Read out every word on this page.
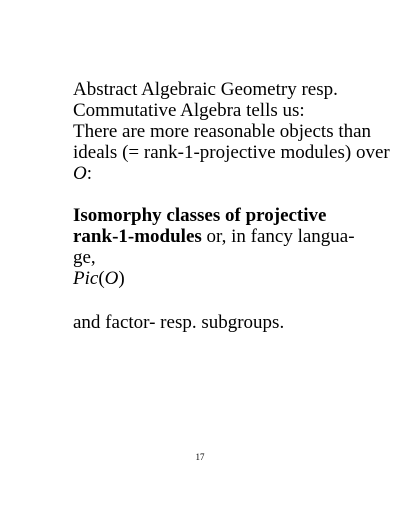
Abstract Algebraic Geometry resp.
Commutative Algebra tells us:
There are more reasonable objects than
ideals (= rank-1-projective modules) over
O:
Isomorphy classes of projective
rank-1-modules or, in fancy langua-
ge,
Pic(O)
and factor- resp. subgroups.
17
